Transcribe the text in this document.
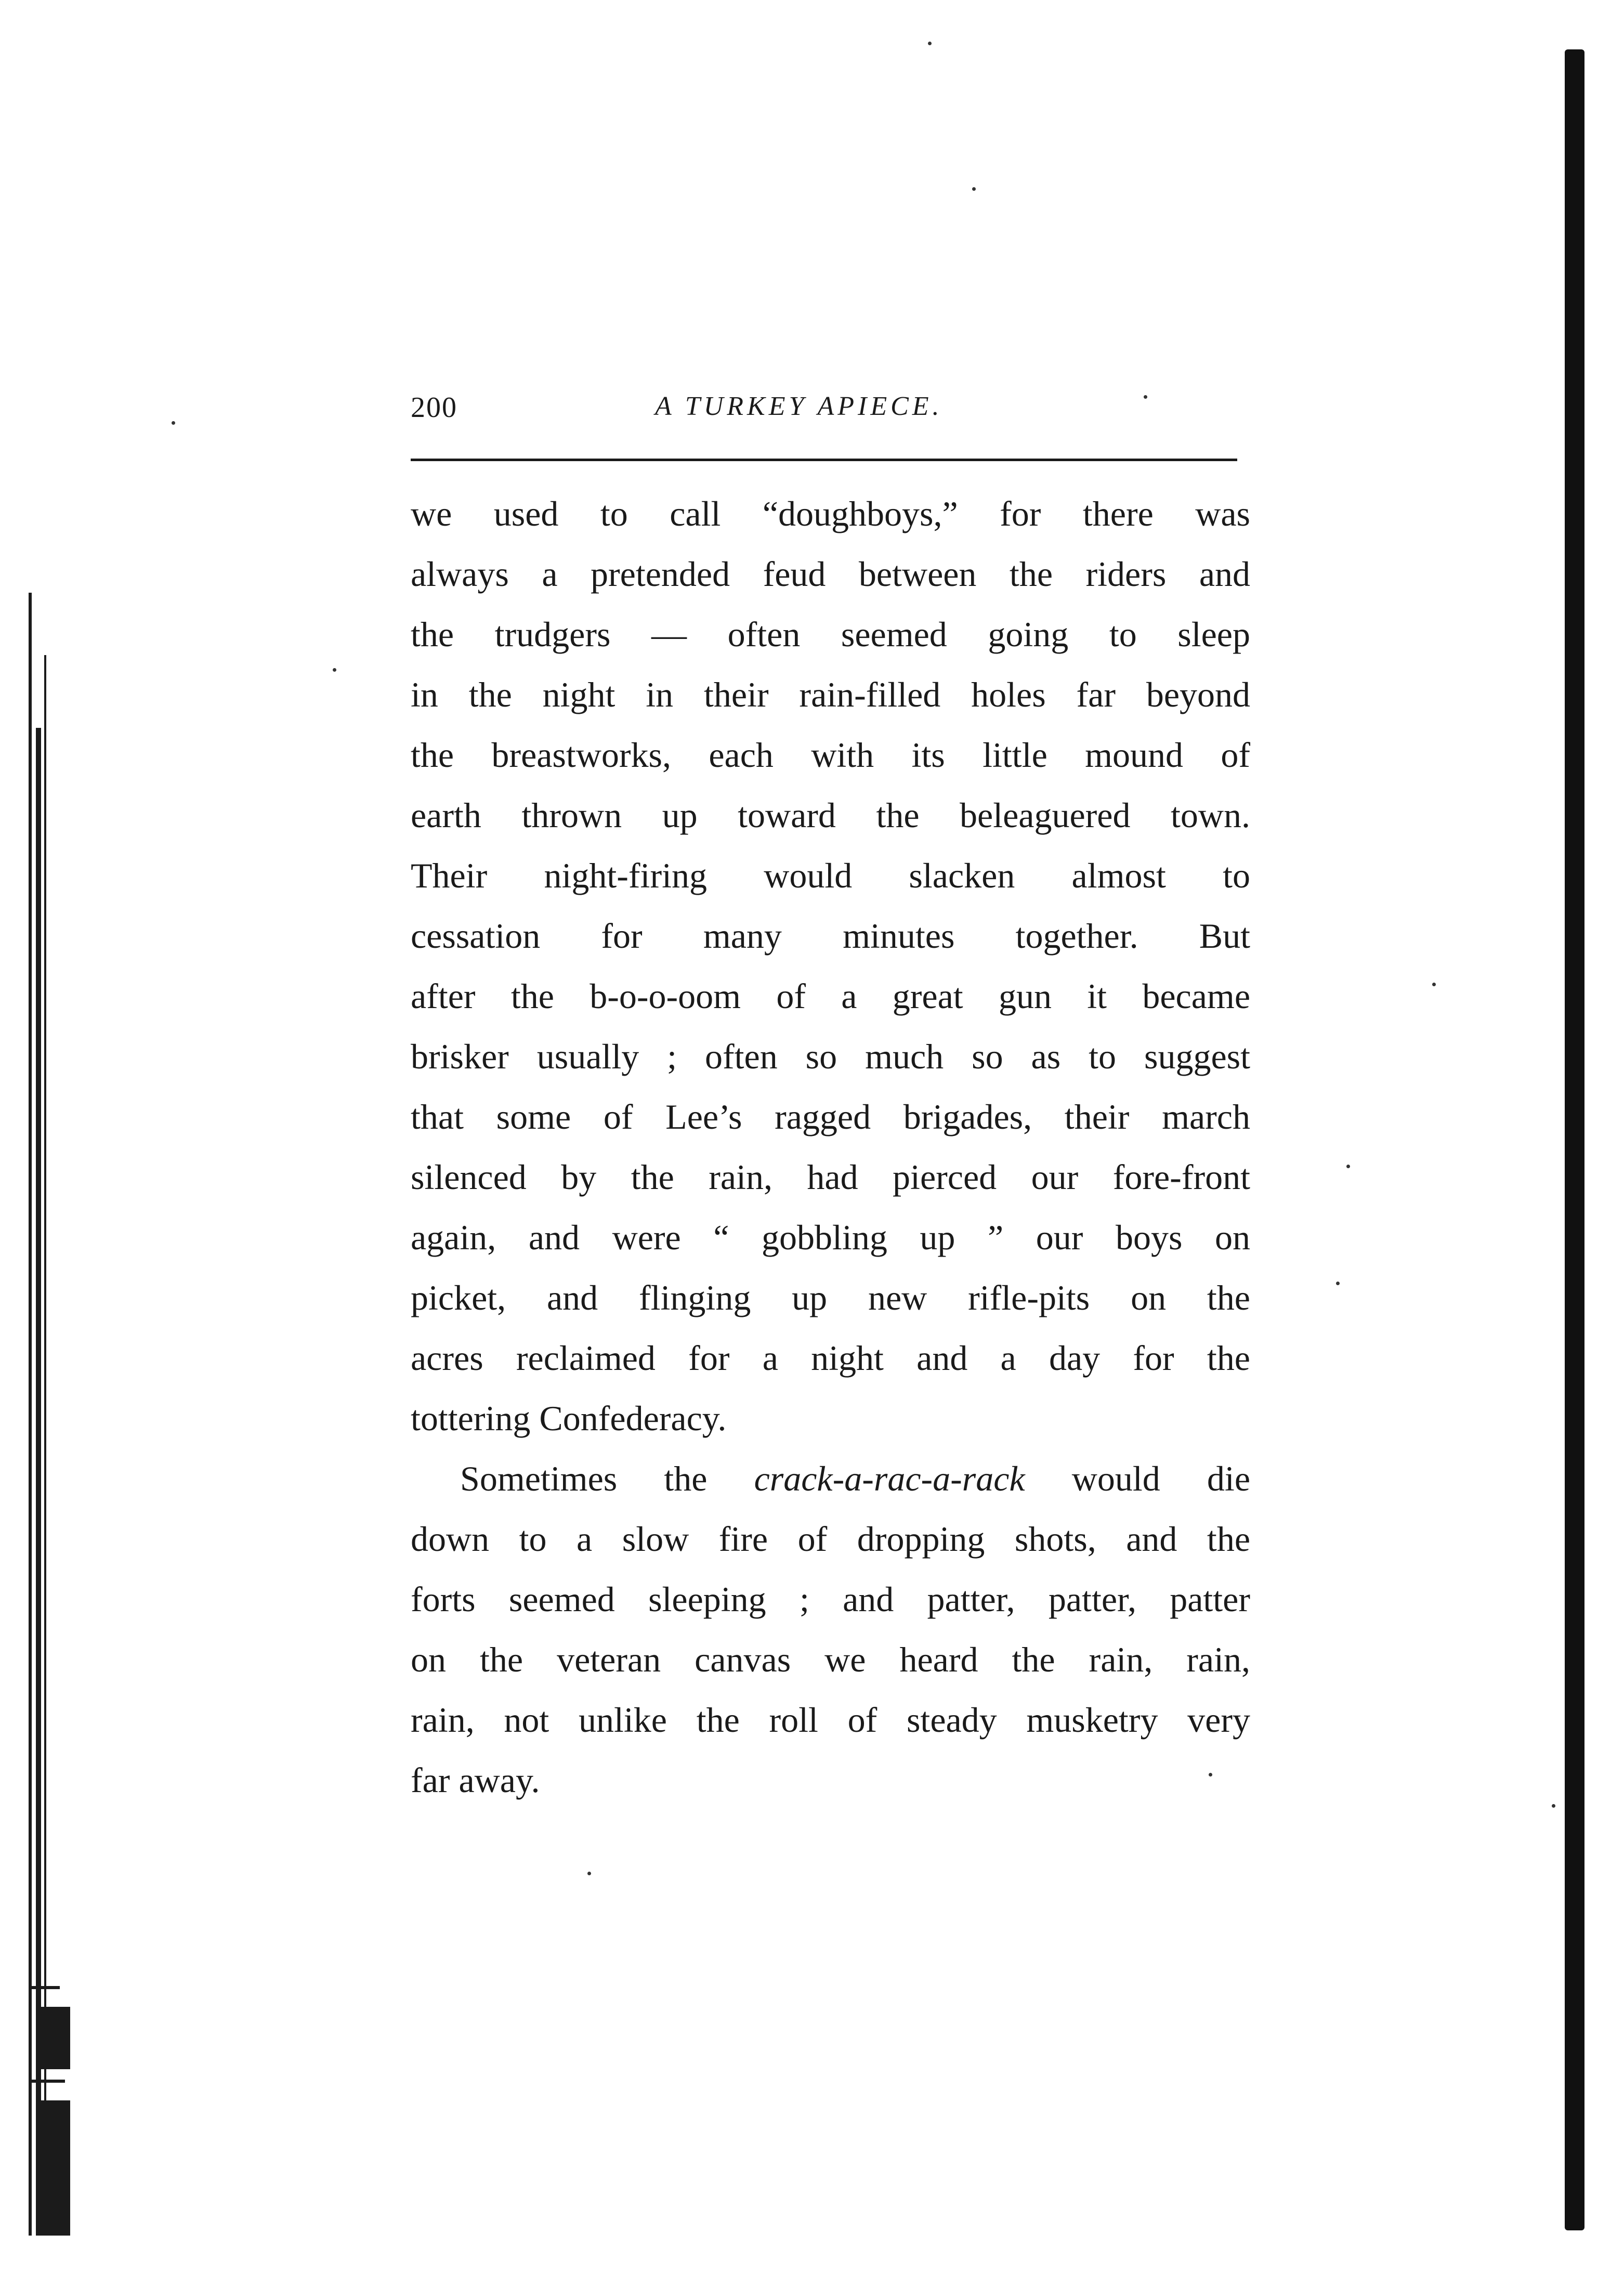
200	A TURKEY APIECE.
we used to call “doughboys,” for there was
always a pretended feud between the riders and
the trudgers — often seemed going to sleep
in the night in their rain-filled holes far beyond
the breastworks, each with its little mound of
earth thrown up toward the beleaguered town.
Their night-firing would slacken almost to
cessation for many minutes together. But
after the b-o-o-oom of a great gun it became
brisker usually ; often so much so as to suggest
that some of Lee’s ragged brigades, their march
silenced by the rain, had pierced our fore-front
again, and were “ gobbling up ” our boys on
picket, and flinging up new rifle-pits on the
acres reclaimed for a night and a day for the
tottering Confederacy.
Sometimes the crack-a-rac-a-rack would die
down to a slow fire of dropping shots, and the
forts seemed sleeping ; and patter, patter, patter
on the veteran canvas we heard the rain, rain,
rain, not unlike the roll of steady musketry very
far away.
